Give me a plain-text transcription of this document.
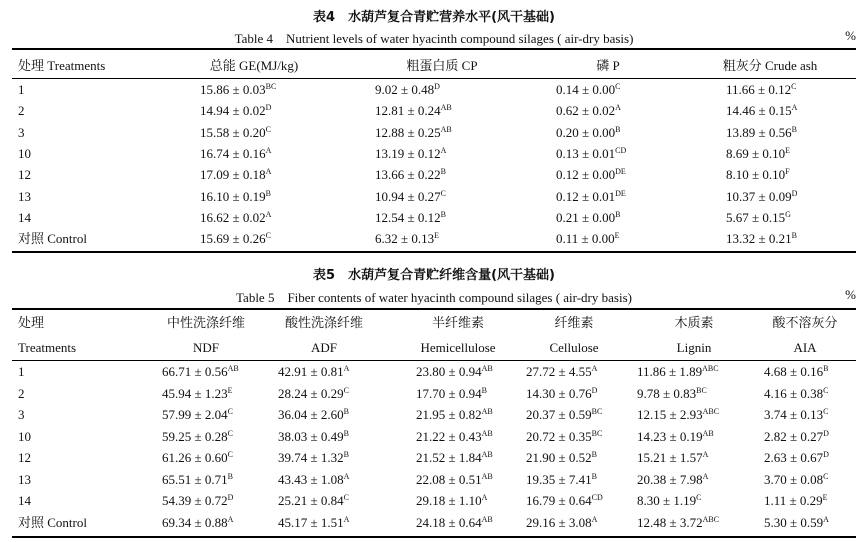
表4　水葫芦复合青贮营养水平(风干基础)
Table 4　Nutrient levels of water hyacinth compound silages ( air-dry basis)	%
处理 Treatments	总能 GE(MJ/kg)	粗蛋白质 CP	磷 P	粗灰分 Crude ash
1	$15.86 \pm 0.03^{BC}$	$9.02 \pm 0.48^D$	$0.14 \pm 0.00^C$	$11.66 \pm 0.12^C$
2	$14.94 \pm 0.02^D$	$12.81 \pm 0.24^{AB}$	$0.62 \pm 0.02^A$	$14.46 \pm 0.15^A$
3	$15.58 \pm 0.20^C$	$12.88 \pm 0.25^{AB}$	$0.20 \pm 0.00^B$	$13.89 \pm 0.56^B$
10	$16.74 \pm 0.16^A$	$13.19 \pm 0.12^A$	$0.13 \pm 0.01^{CD}$	$8.69 \pm 0.10^E$
12	$17.09 \pm 0.18^A$	$13.66 \pm 0.22^B$	0.12 ± 0.00DE	$8.10 \pm 0.10^F$
13	$16.10 \pm 0.19^B$	$10.94 \pm 0.27^C$	0.12 ± 0.01DE	$10.37 \pm 0.09^D$
14	$16.62 \pm 0.02^A$	$12.54 \pm 0.12^B$	$0.21 \pm 0.00^B$	$5.67 \pm 0.15^G$
对照 Control	$15.69 \pm 0.26^C$	$6.32 \pm 0.13^E$	$0.11 \pm 0.00^E$	$13.32 \pm 0.21^B$
表5　水葫芦复合青贮纤维含量(风干基础)
Table 5　Fiber contents of water hyacinth compound silages ( air-dry basis)	%
处理	中性洗涤纤维	酸性洗涤纤维	半纤维素	纤维素	木质素	酸不溶灰分
Treatments	NDF	ADF	Hemicellulose	Cellulose	Lignin	AIA
1	$66.71 \pm 0.56^{AB}$	$42.91 \pm 0.81^A$	$23.80 \pm 0.94^{AB}$	$27.72 \pm 4.55^A$	$11.86 \pm 1.89^{ABC}$	$4.68 \pm 0.16^B$
2	$45.94 \pm 1.23^E$	$28.24 \pm 0.29^C$	$17.70 \pm 0.94^B$	$14.30 \pm 0.76^D$	$9.78 \pm 0.83^{BC}$	$4.16 \pm 0.38^C$
3	$57.99 \pm 2.04^C$	$36.04 \pm 2.60^B$	$21.95 \pm 0.82^{AB}$	$20.37 \pm 0.59^{BC}$	$12.15 \pm 2.93^{ABC}$	$3.74 \pm 0.13^C$
10	$59.25 \pm 0.28^C$	$38.03 \pm 0.49^B$	$21.22 \pm 0.43^{AB}$	$20.72 \pm 0.35^{BC}$	$14.23 \pm 0.19^{AB}$	$2.82 \pm 0.27^D$
12	$61.26 \pm 0.60^C$	$39.74 \pm 1.32^B$	$21.52 \pm 1.84^{AB}$	$21.90 \pm 0.52^B$	$15.21 \pm 1.57^A$	$2.63 \pm 0.67^D$
13	$65.51 \pm 0.71^B$	$43.43 \pm 1.08^A$	$22.08 \pm 0.51^{AB}$	$19.35 \pm 7.41^B$	$20.38 \pm 7.98^A$	$3.70 \pm 0.08^C$
14	$54.39 \pm 0.72^D$	$25.21 \pm 0.84^C$	$29.18 \pm 1.10^A$	$16.79 \pm 0.64^{CD}$	$8.30 \pm 1.19^C$	$1.11 \pm 0.29^E$
对照 Control	$69.34 \pm 0.88^A$	$45.17 \pm 1.51^A$	$24.18 \pm 0.64^{AB}$	$29.16 \pm 3.08^A$	$12.48 \pm 3.72^{ABC}$	$5.30 \pm 0.59^A$
